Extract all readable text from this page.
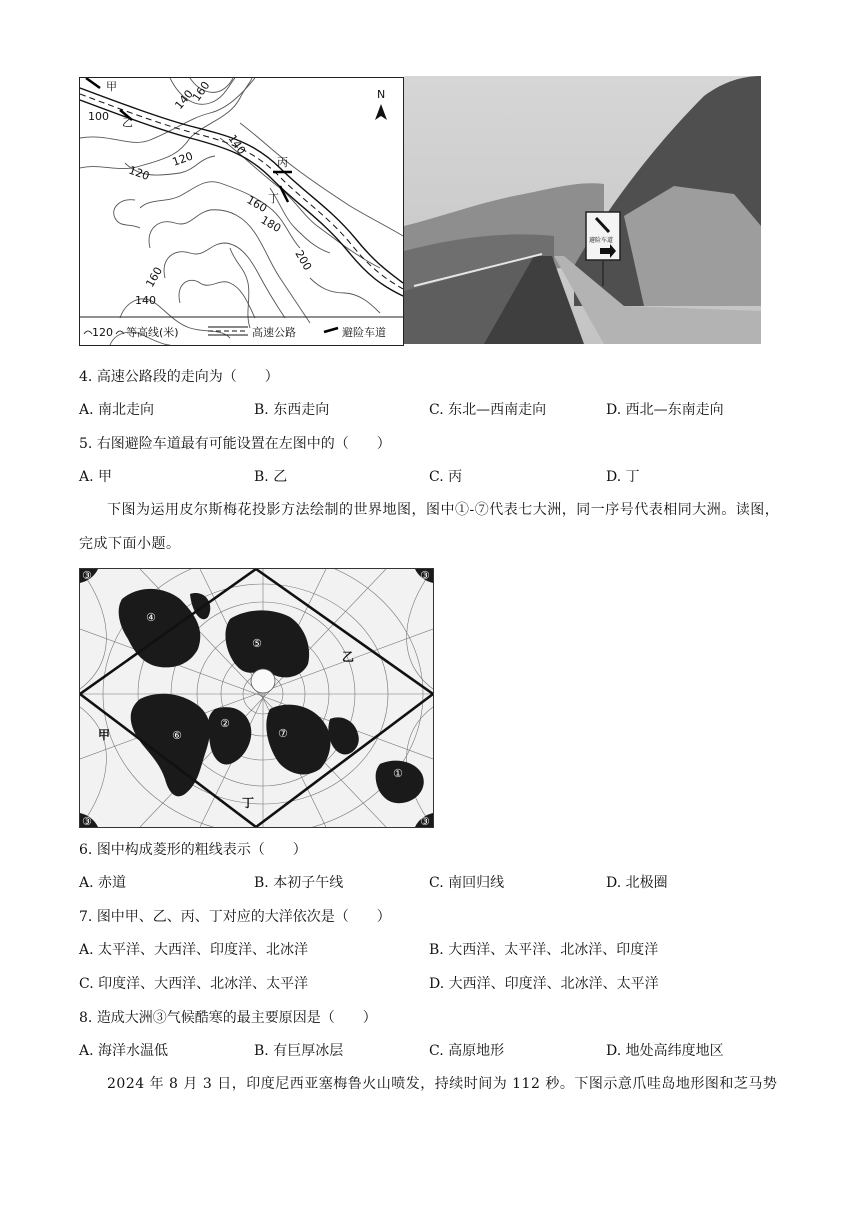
甲
乙
丙
丁
160
140
100
120
120
140
160
180
200
160
140
N
120 等高线(米)	高速公路	避险车道
避险车道
4. 高速公路段的走向为（　　）
A. 南北走向	B. 东西走向	C. 东北—西南走向	D. 西北—东南走向
5. 右图避险车道最有可能设置在左图中的（　　）
A. 甲	B. 乙	C. 丙	D. 丁
下图为运用皮尔斯梅花投影方法绘制的世界地图，图中①-⑦代表七大洲，同一序号代表相同大洲。读图，完成下面小题。
④
⑤
②
⑥	⑦
①
③	③
③	③
甲
乙
丁
6. 图中构成菱形的粗线表示（　　）
A. 赤道	B. 本初子午线	C. 南回归线	D. 北极圈
7. 图中甲、乙、丙、丁对应的大洋依次是（　　）
A. 太平洋、大西洋、印度洋、北冰洋	B. 大西洋、太平洋、北冰洋、印度洋
C. 印度洋、大西洋、北冰洋、太平洋	D. 大西洋、印度洋、北冰洋、太平洋
8. 造成大洲③气候酷寒的最主要原因是（　　）
A. 海洋水温低	B. 有巨厚冰层	C. 高原地形	D. 地处高纬度地区
2024 年 8 月 3 日，印度尼西亚塞梅鲁火山喷发，持续时间为 112 秒。下图示意爪哇岛地形图和芝马势
